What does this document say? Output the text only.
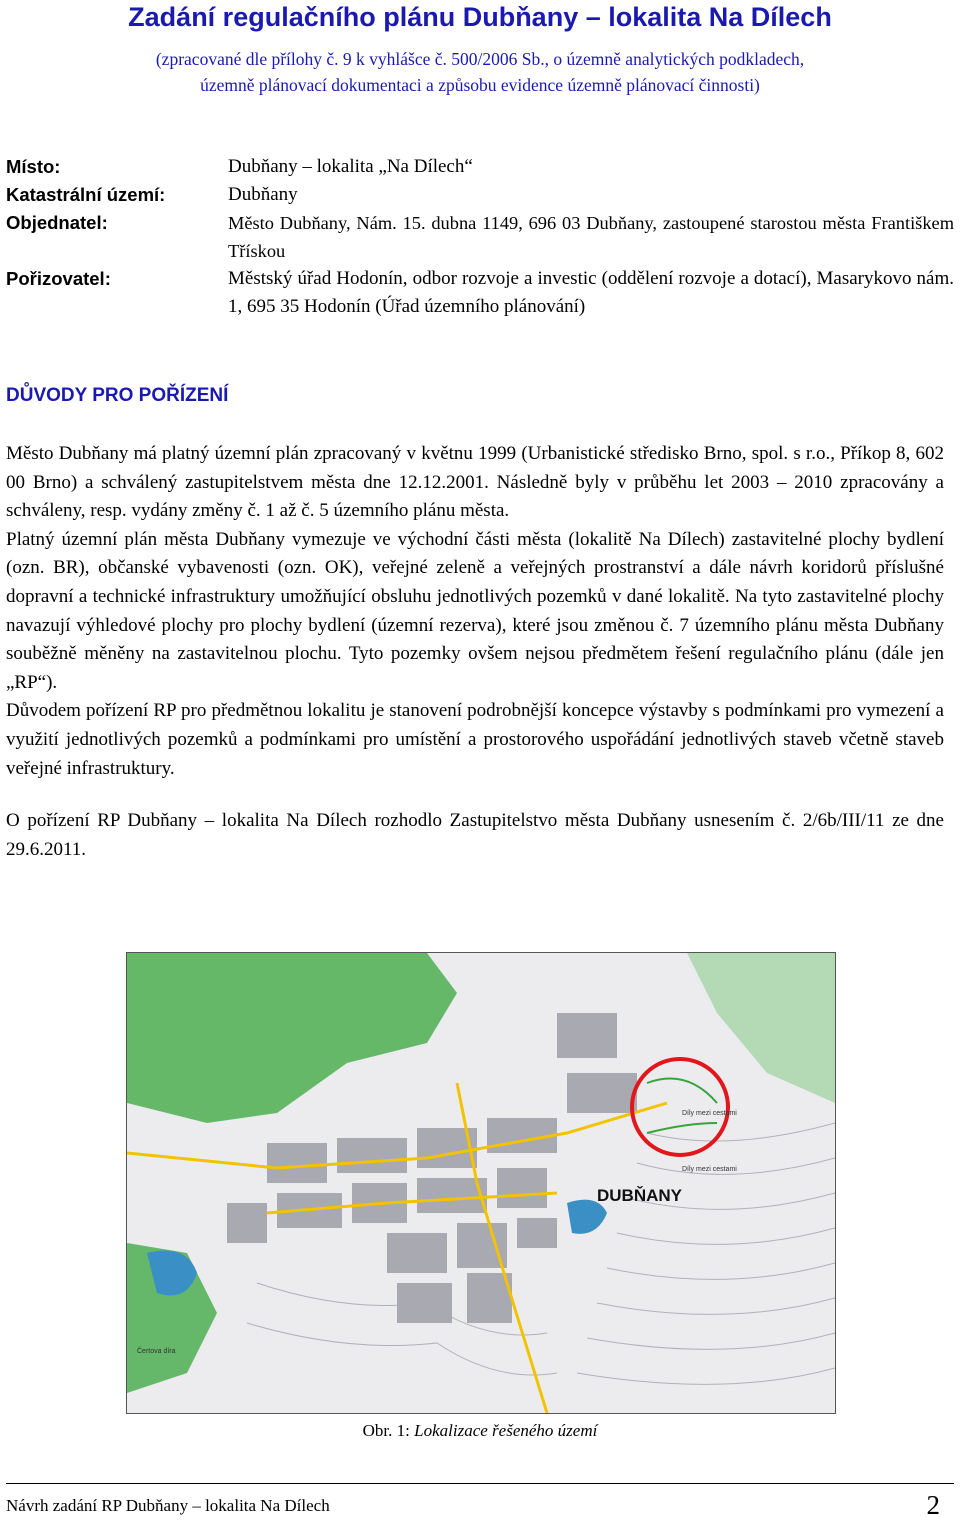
Zadání regulačního plánu Dubňany – lokalita Na Dílech
(zpracované dle přílohy č. 9 k vyhlášce č. 500/2006 Sb., o územně analytických podkladech,
územně plánovací dokumentaci a způsobu evidence územně plánovací činnosti)
Místo:	Dubňany – lokalita „Na Dílech“
Katastrální území:	Dubňany
Objednatel:	Město Dubňany, Nám. 15. dubna 1149, 696 03 Dubňany, zastoupené starostou města Františkem Třískou
Pořizovatel:	Městský úřad Hodonín, odbor rozvoje a investic (oddělení rozvoje a dotací), Masarykovo nám. 1, 695 35 Hodonín (Úřad územního plánování)
DŮVODY PRO POŘÍZENÍ

Město Dubňany má platný územní plán zpracovaný v květnu 1999 (Urbanistické středisko Brno, spol. s r.o., Příkop 8, 602 00 Brno) a schválený zastupitelstvem města dne 12.12.2001. Následně byly v průběhu let 2003 – 2010 zpracovány a schváleny, resp. vydány změny č. 1 až č. 5 územního plánu města.

Platný územní plán města Dubňany vymezuje ve východní části města (lokalitě Na Dílech) zastavitelné plochy bydlení (ozn. BR), občanské vybavenosti (ozn. OK), veřejné zeleně a veřejných prostranství a dále návrh koridorů příslušné dopravní a technické infrastruktury umožňující obsluhu jednotlivých pozemků v dané lokalitě. Na tyto zastavitelné plochy navazují výhledové plochy pro plochy bydlení (územní rezerva), které jsou změnou č. 7 územního plánu města Dubňany souběžně měněny na zastavitelnou plochu. Tyto pozemky ovšem nejsou předmětem řešení regulačního plánu (dále jen „RP“).

Důvodem pořízení RP pro předmětnou lokalitu je stanovení podrobnější koncepce výstavby s podmínkami pro vymezení a využití jednotlivých pozemků a podmínkami pro umístění a prostorového uspořádání jednotlivých staveb včetně staveb veřejné infrastruktury.

O pořízení RP Dubňany – lokalita Na Dílech rozhodlo Zastupitelstvo města Dubňany usnesením č. 2/6b/III/11 ze dne 29.6.2011.

DUBŇANY
Díly mezi cestami
Díly mezi cestami
Čertova díra
Obr. 1: Lokalizace řešeného území
Návrh zadání RP Dubňany – lokalita Na Dílech	2
